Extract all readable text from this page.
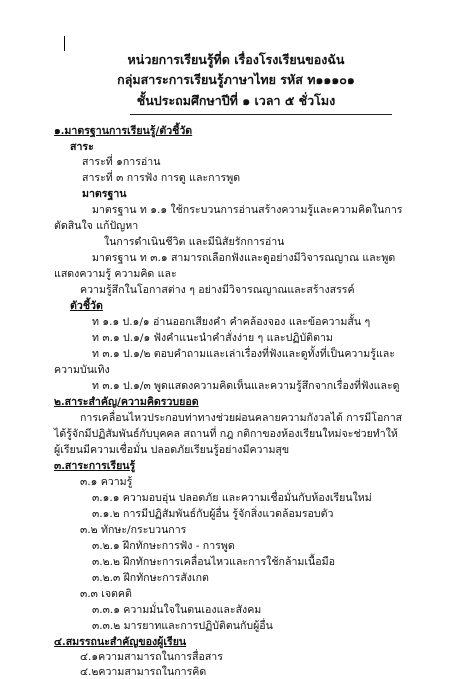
หน่วยการเรียนรู้ที่ด เรื่องโรงเรียนของฉัน
กลุ่มสาระการเรียนรู้ภาษาไทย รหัส ท๑๑๑๐๑
ชั้นประถมศึกษาปีที่ ๑ เวลา ๕ ชั่วโมง
๑.มาตรฐานการเรียนรู้/ตัวชี้วัด
สาระ
สาระที่ ๑การอ่าน
สาระที่ ๓ การฟัง การดู และการพูด
มาตรฐาน
มาตรฐาน ท ๑.๑ ใช้กระบวนการอ่านสร้างความรู้และความคิดในการ
ตัดสินใจ แก้ปัญหา
ในการดำเนินชีวิต และมีนิสัยรักการอ่าน
มาตรฐาน ท ๓.๑ สามารถเลือกฟังและดูอย่างมีวิจารณญาณ และพูด
แสดงความรู้ ความคิด และ
ความรู้สึกในโอกาสต่าง ๆ อย่างมีวิจารณญาณและสร้างสรรค์
ตัวชี้วัด
ท ๑.๑ ป.๑/๑ อ่านออกเสียงคำ คำคล้องจอง และข้อความสั้น ๆ
ท ๓.๑ ป.๑/๑ ฟังคำแนะนำคำสั่งง่าย ๆ และปฏิบัติตาม
ท ๓.๑ ป.๑/๒ ตอบคำถามและเล่าเรื่องที่ฟังและดูทั้งที่เป็นความรู้และ
ความบันเทิง
ท ๓.๑ ป.๑/๓ พูดแสดงความคิดเห็นและความรู้สึกจากเรื่องที่ฟังและดู
๒.สาระสำคัญ/ความคิดรวบยอด
การเคลื่อนไหวประกอบท่าทางช่วยผ่อนคลายความกังวลได้ การมีโอกาส
ได้รู้จักมีปฏิสัมพันธ์กับบุคคล สถานที่ กฎ กติกาของห้องเรียนใหม่จะช่วยทำให้
ผู้เรียนมีความเชื่อมั่น ปลอดภัยเรียนรู้อย่างมีความสุข
๓.สาระการเรียนรู้
๓.๑ ความรู้
๓.๑.๑ ความอบอุ่น ปลอดภัย และความเชื่อมั่นกับห้องเรียนใหม่
๓.๑.๒ การมีปฏิสัมพันธ์กับผู้อื่น รู้จักสิ่งแวดล้อมรอบตัว
๓.๒ ทักษะ/กระบวนการ
๓.๒.๑ ฝึกทักษะการฟัง - การพูด
๓.๒.๒ ฝึกทักษะการเคลื่อนไหวและการใช้กล้ามเนื้อมือ
๓.๒.๓ ฝึกทักษะการสังเกต
๓.๓ เจตคติ
๓.๓.๑ ความมั่นใจในตนเองและสังคม
๓.๓.๒ มารยาทและการปฏิบัติตนกับผู้อื่น
๔.สมรรถนะสำคัญของผู้เรียน
๔.๑ความสามารถในการสื่อสาร
๔.๒ความสามารถในการคิด
